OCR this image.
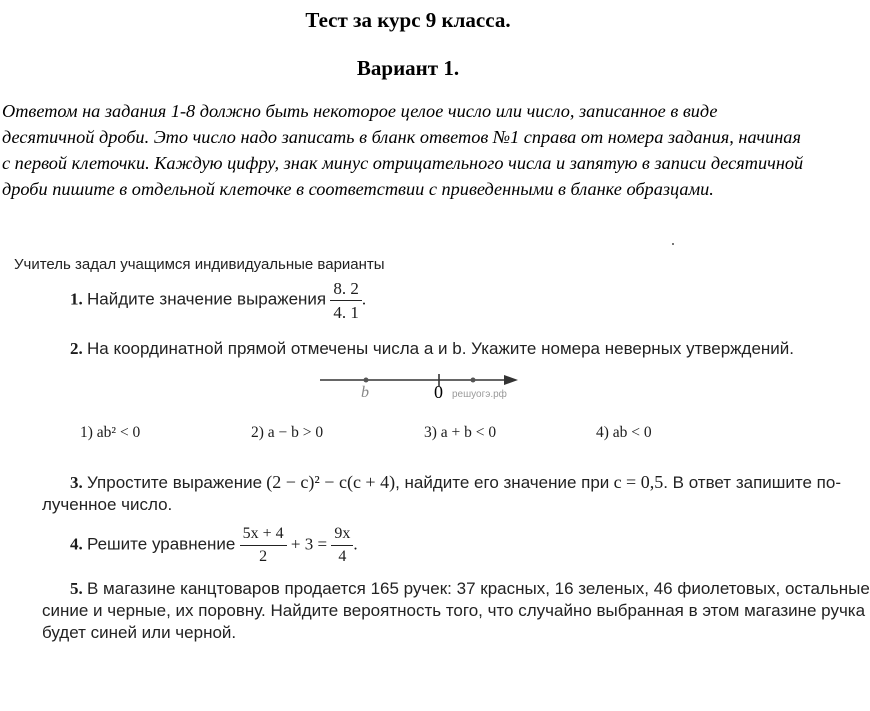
Тест за курс 9 класса.
Вариант 1.
Ответом на задания 1-8 должно быть некоторое целое число или число, записанное в виде десятичной дроби. Это число надо записать в бланк ответов №1 справа от номера задания, начиная с первой клеточки. Каждую цифру, знак минус отрицательного числа и запятую в записи десятичной дроби пишите в отдельной клеточке в соответствии с приведенными в бланке образцами.
Учитель задал учащимся индивидуальные варианты
1. Найдите значение выражения $\frac{8. 2}{4. 1}$ .
2. На координатной прямой отмечены числа a и b. Укажите номера неверных утверждений.
b	0 решуогэ.рф
1) ab² < 0	2) a − b > 0	3) a + b < 0	4) ab < 0
3. Упростите выражение (2 − c)² − c(c + 4), найдите его значение при c = 0,5. В ответ запишите по-
лученное число.
4. Решите уравнение $\frac{5x + 4}{2} + 3 = \frac{9x}{4}$ .
5. В магазине канцтоваров продается 165 ручек: 37 красных, 16 зеленых, 46 фиолетовых, остальные
синие и черные, их поровну. Найдите вероятность того, что случайно выбранная в этом магазине ручка
будет синей или черной.
